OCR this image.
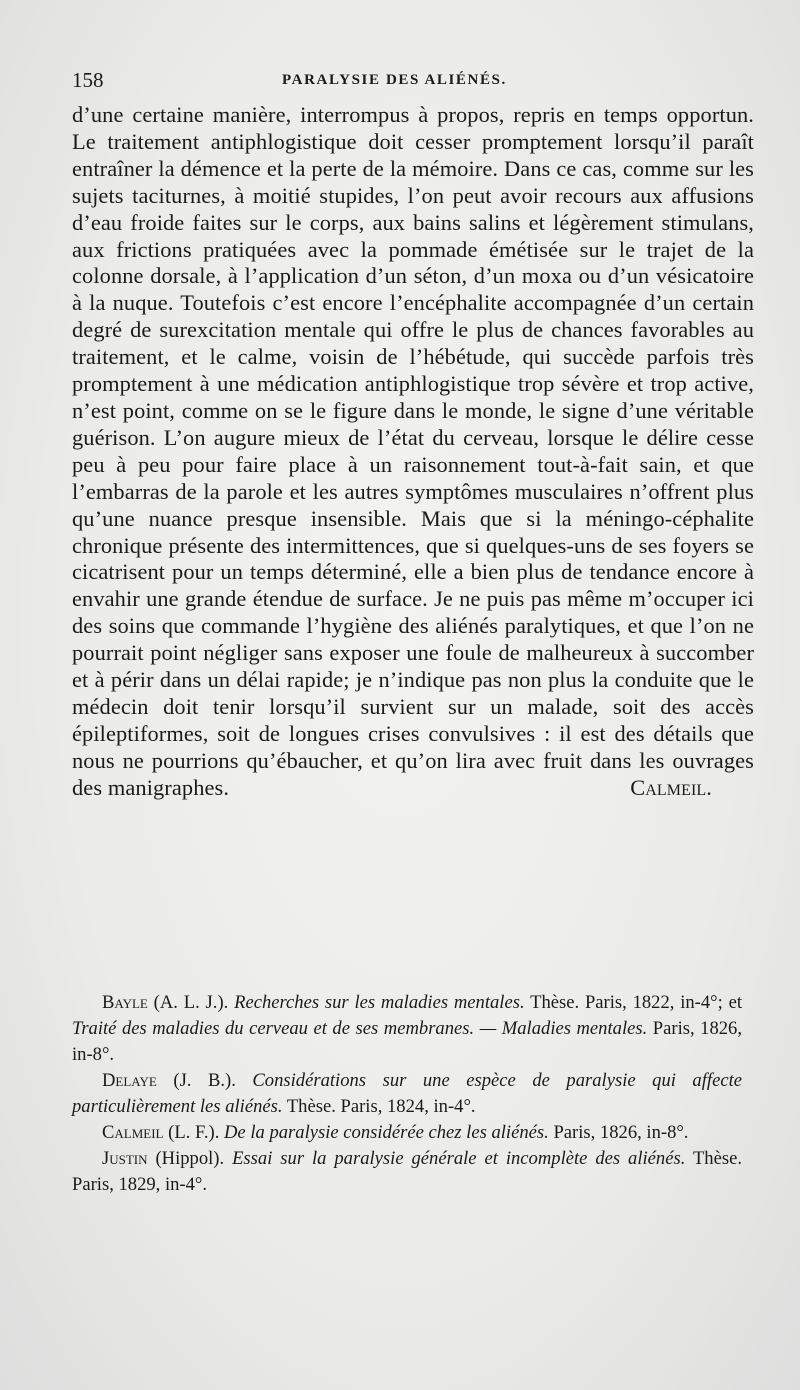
158	PARALYSIE DES ALIÉNÉS.

d’une certaine manière, interrompus à propos, repris en temps opportun. Le traitement antiphlogistique doit cesser promptement lorsqu’il paraît entraîner la démence et la perte de la mémoire. Dans ce cas, comme sur les sujets taciturnes, à moitié stupides, l’on peut avoir recours aux affusions d’eau froide faites sur le corps, aux bains salins et légèrement stimulans, aux frictions pratiquées avec la pommade émétisée sur le trajet de la colonne dorsale, à l’application d’un séton, d’un moxa ou d’un vésicatoire à la nuque. Toutefois c’est encore l’encéphalite accompagnée d’un certain degré de surexcitation mentale qui offre le plus de chances favorables au traitement, et le calme, voisin de l’hébétude, qui succède parfois très promptement à une médication antiphlogistique trop sévère et trop active, n’est point, comme on se le figure dans le monde, le signe d’une véritable guérison. L’on augure mieux de l’état du cerveau, lorsque le délire cesse peu à peu pour faire place à un raisonnement tout-à-fait sain, et que l’embarras de la parole et les autres symptômes musculaires n’offrent plus qu’une nuance presque insensible. Mais que si la méningo-céphalite chronique présente des intermittences, que si quelques-uns de ses foyers se cicatrisent pour un temps déterminé, elle a bien plus de tendance encore à envahir une grande étendue de surface. Je ne puis pas même m’occuper ici des soins que commande l’hygiène des aliénés paralytiques, et que l’on ne pourrait point négliger sans exposer une foule de malheureux à succomber et à périr dans un délai rapide; je n’indique pas non plus la conduite que le médecin doit tenir lorsqu’il survient sur un malade, soit des accès épileptiformes, soit de longues crises convulsives : il est des détails que nous ne pourrions qu’ébaucher, et qu’on lira avec fruit dans les ouvrages des manigraphes.	Calmeil.

Bayle (A. L. J.). Recherches sur les maladies mentales. Thèse. Paris, 1822, in-4°; et Traité des maladies du cerveau et de ses membranes. — Maladies mentales. Paris, 1826, in-8°.

Delaye (J. B.). Considérations sur une espèce de paralysie qui affecte particulièrement les aliénés. Thèse. Paris, 1824, in-4°.

Calmeil (L. F.). De la paralysie considérée chez les aliénés. Paris, 1826, in-8°.

Justin (Hippol). Essai sur la paralysie générale et incomplète des aliénés. Thèse. Paris, 1829, in-4°.
